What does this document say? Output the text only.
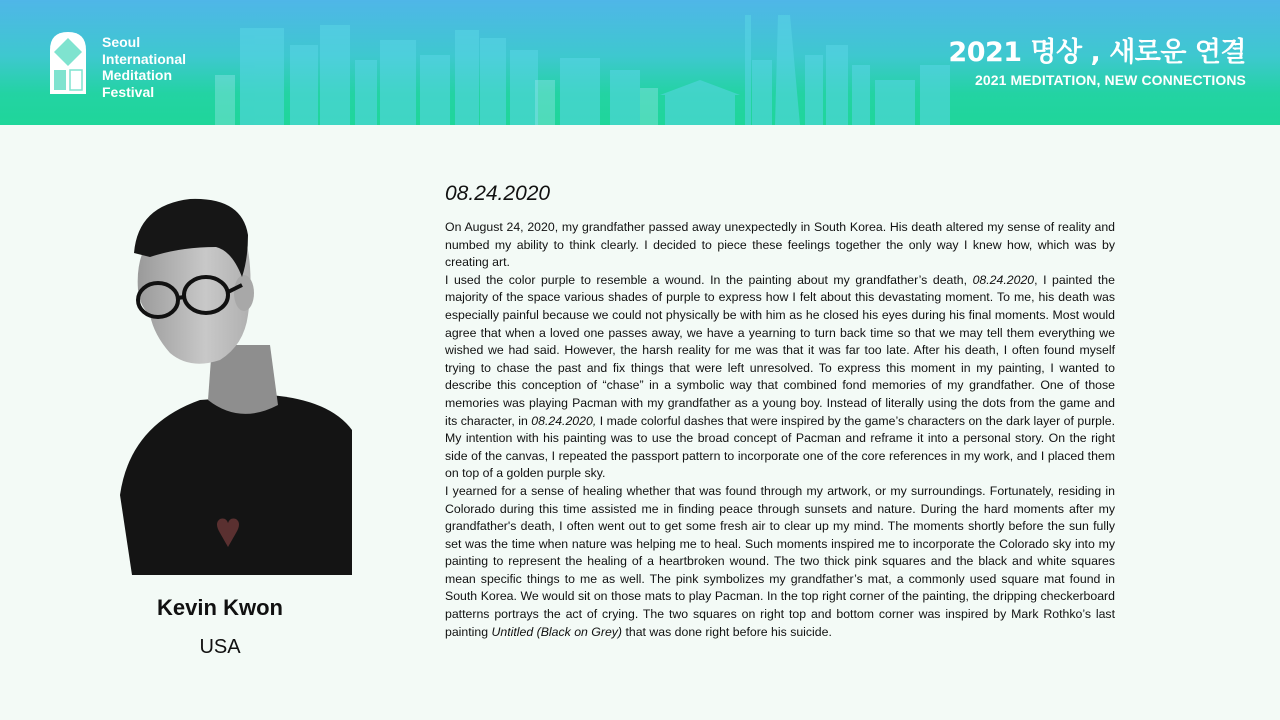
Seoul
International
Meditation
Festival
2021 명상 , 새로운 연결
2021 MEDITATION, NEW CONNECTIONS
Kevin Kwon
USA
08.24.2020

On August 24, 2020, my grandfather passed away unexpectedly in South Korea. His death altered my sense of reality and numbed my ability to think clearly. I decided to piece these feelings together the only way I knew how, which was by creating art.

I used the color purple to resemble a wound. In the painting about my grandfather’s death, 08.24.2020, I painted the majority of the space various shades of purple to express how I felt about this devastating moment. To me, his death was especially painful because we could not physically be with him as he closed his eyes during his final moments. Most would agree that when a loved one passes away, we have a yearning to turn back time so that we may tell them everything we wished we had said. However, the harsh reality for me was that it was far too late. After his death, I often found myself trying to chase the past and fix things that were left unresolved. To express this moment in my painting, I wanted to describe this conception of “chase” in a symbolic way that combined fond memories of my grandfather. One of those memories was playing Pacman with my grandfather as a young boy. Instead of literally using the dots from the game and its character, in 08.24.2020, I made colorful dashes that were inspired by the game’s characters on the dark layer of purple. My intention with his painting was to use the broad concept of Pacman and reframe it into a personal story. On the right side of the canvas, I repeated the passport pattern to incorporate one of the core references in my work, and I placed them on top of a golden purple sky.

I yearned for a sense of healing whether that was found through my artwork, or my surroundings. Fortunately, residing in Colorado during this time assisted me in finding peace through sunsets and nature. During the hard moments after my grandfather's death, I often went out to get some fresh air to clear up my mind. The moments shortly before the sun fully set was the time when nature was helping me to heal. Such moments inspired me to incorporate the Colorado sky into my painting to represent the healing of a heartbroken wound. The two thick pink squares and the black and white squares mean specific things to me as well. The pink symbolizes my grandfather’s mat, a commonly used square mat found in South Korea. We would sit on those mats to play Pacman. In the top right corner of the painting, the dripping checkerboard patterns portrays the act of crying. The two squares on right top and bottom corner was inspired by Mark Rothko’s last painting Untitled (Black on Grey) that was done right before his suicide.
